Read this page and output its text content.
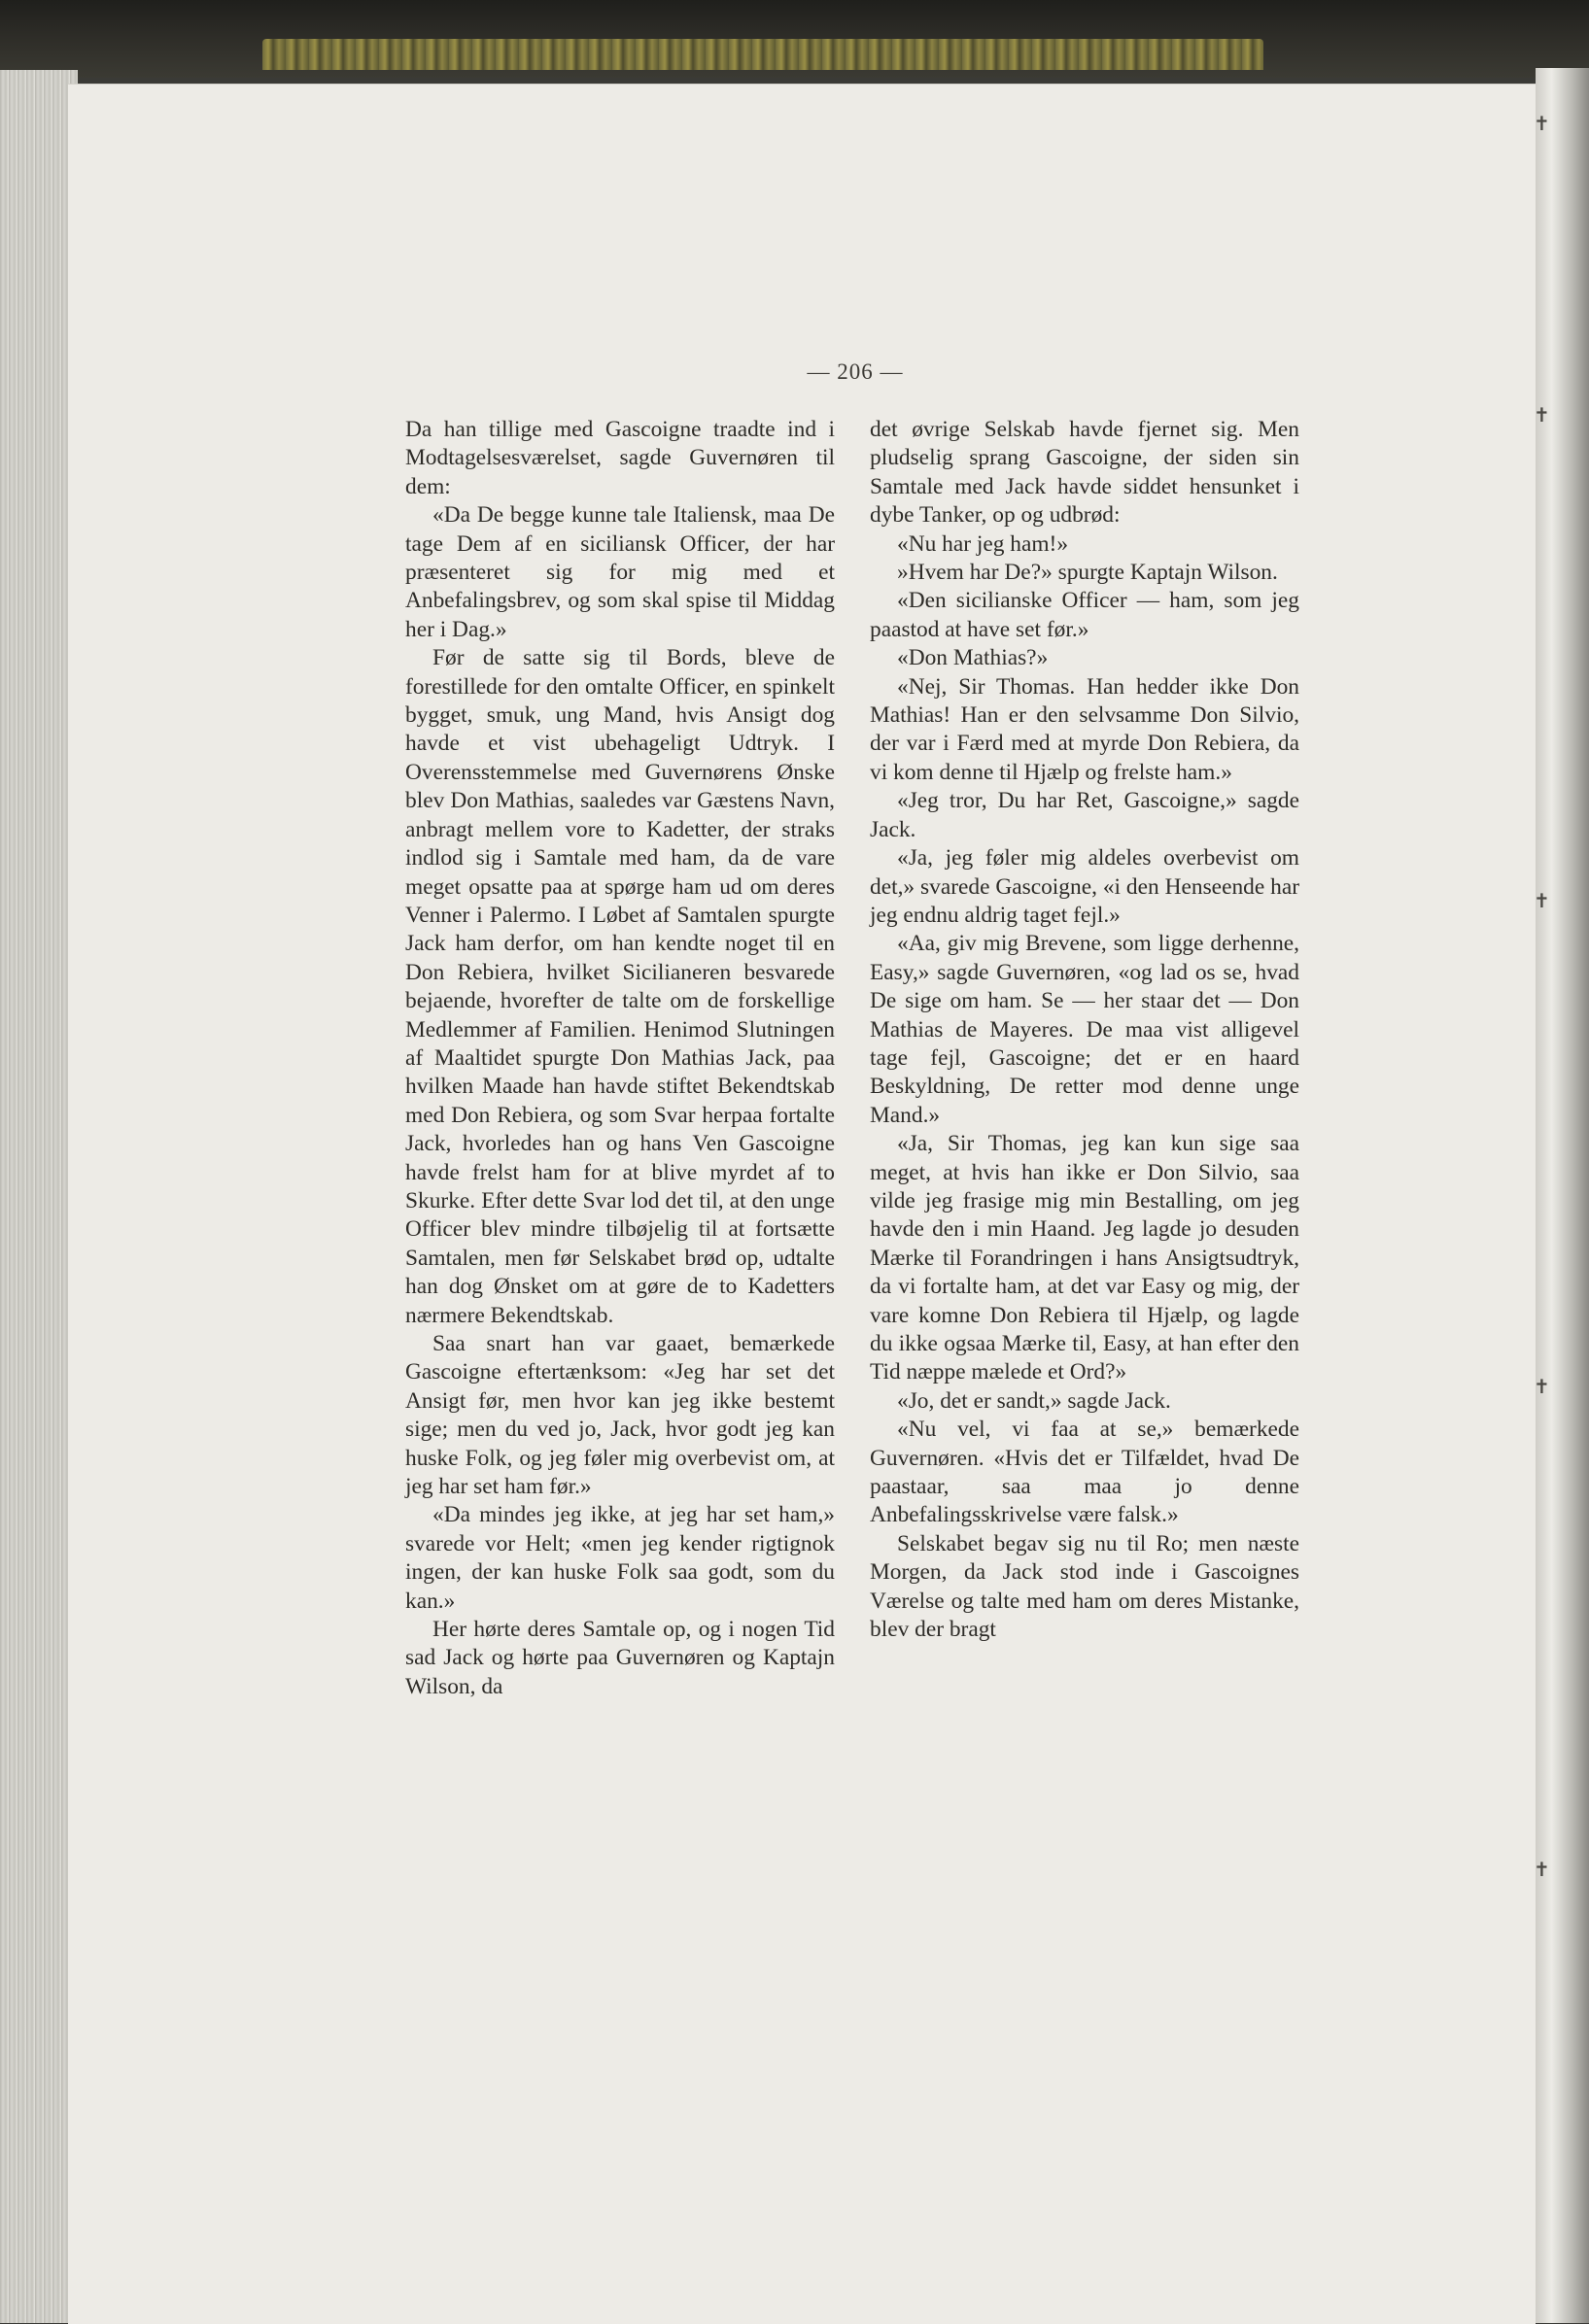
— 206 —

Da han tillige med Gascoigne traadte ind i Modtagelsesværelset, sagde Guvernøren til dem:

«Da De begge kunne tale Italiensk, maa De tage Dem af en siciliansk Officer, der har præsenteret sig for mig med et Anbefalingsbrev, og som skal spise til Middag her i Dag.»

Før de satte sig til Bords, bleve de forestillede for den omtalte Officer, en spinkelt bygget, smuk, ung Mand, hvis Ansigt dog havde et vist ubehageligt Udtryk. I Overensstemmelse med Guvernørens Ønske blev Don Mathias, saaledes var Gæstens Navn, anbragt mellem vore to Kadetter, der straks indlod sig i Samtale med ham, da de vare meget opsatte paa at spørge ham ud om deres Venner i Palermo. I Løbet af Samtalen spurgte Jack ham derfor, om han kendte noget til en Don Rebiera, hvilket Sicilianeren besvarede bejaende, hvorefter de talte om de forskellige Medlemmer af Familien. Henimod Slutningen af Maaltidet spurgte Don Mathias Jack, paa hvilken Maade han havde stiftet Bekendtskab med Don Rebiera, og som Svar herpaa fortalte Jack, hvorledes han og hans Ven Gascoigne havde frelst ham for at blive myrdet af to Skurke. Efter dette Svar lod det til, at den unge Officer blev mindre tilbøjelig til at fortsætte Samtalen, men før Selskabet brød op, udtalte han dog Ønsket om at gøre de to Kadetters nærmere Bekendtskab.

Saa snart han var gaaet, bemærkede Gascoigne eftertænksom: «Jeg har set det Ansigt før, men hvor kan jeg ikke bestemt sige; men du ved jo, Jack, hvor godt jeg kan huske Folk, og jeg føler mig overbevist om, at jeg har set ham før.»

«Da mindes jeg ikke, at jeg har set ham,» svarede vor Helt; «men jeg kender rigtignok ingen, der kan huske Folk saa godt, som du kan.»

Her hørte deres Samtale op, og i nogen Tid sad Jack og hørte paa Guvernøren og Kaptajn Wilson, da

det øvrige Selskab havde fjernet sig. Men pludselig sprang Gascoigne, der siden sin Samtale med Jack havde siddet hensunket i dybe Tanker, op og udbrød:

«Nu har jeg ham!»

»Hvem har De?» spurgte Kaptajn Wilson.

«Den sicilianske Officer — ham, som jeg paastod at have set før.»

«Don Mathias?»

«Nej, Sir Thomas. Han hedder ikke Don Mathias! Han er den selvsamme Don Silvio, der var i Færd med at myrde Don Rebiera, da vi kom denne til Hjælp og frelste ham.»

«Jeg tror, Du har Ret, Gascoigne,» sagde Jack.

«Ja, jeg føler mig aldeles overbevist om det,» svarede Gascoigne, «i den Henseende har jeg endnu aldrig taget fejl.»

«Aa, giv mig Brevene, som ligge derhenne, Easy,» sagde Guvernøren, «og lad os se, hvad De sige om ham. Se — her staar det — Don Mathias de Mayeres. De maa vist alligevel tage fejl, Gascoigne; det er en haard Beskyldning, De retter mod denne unge Mand.»

«Ja, Sir Thomas, jeg kan kun sige saa meget, at hvis han ikke er Don Silvio, saa vilde jeg frasige mig min Bestalling, om jeg havde den i min Haand. Jeg lagde jo desuden Mærke til Forandringen i hans Ansigtsudtryk, da vi fortalte ham, at det var Easy og mig, der vare komne Don Rebiera til Hjælp, og lagde du ikke ogsaa Mærke til, Easy, at han efter den Tid næppe mælede et Ord?»

«Jo, det er sandt,» sagde Jack.

«Nu vel, vi faa at se,» bemærkede Guvernøren. «Hvis det er Tilfældet, hvad De paastaar, saa maa jo denne Anbefalingsskrivelse være falsk.»

Selskabet begav sig nu til Ro; men næste Morgen, da Jack stod inde i Gascoignes Værelse og talte med ham om deres Mistanke, blev der bragt

✝
✝
✝
✝
✝
